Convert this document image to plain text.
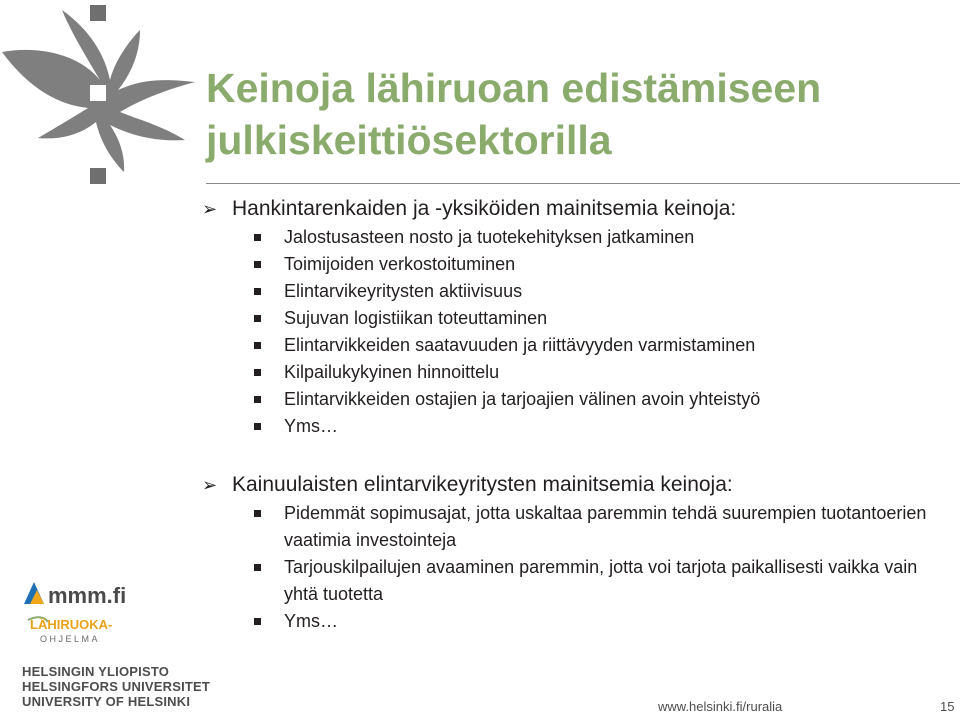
Keinoja lähiruoan edistämiseen
julkiskeittiösektorilla
➢ Hankintarenkaiden ja -yksiköiden mainitsemia keinoja:
Jalostusasteen nosto ja tuotekehityksen jatkaminen
Toimijoiden verkostoituminen
Elintarvikeyritysten aktiivisuus
Sujuvan logistiikan toteuttaminen
Elintarvikkeiden saatavuuden ja riittävyyden varmistaminen
Kilpailukykyinen hinnoittelu
Elintarvikkeiden ostajien ja tarjoajien välinen avoin yhteistyö
Yms…
➢ Kainuulaisten elintarvikeyritysten mainitsemia keinoja:
Pidemmät sopimusajat, jotta uskaltaa paremmin tehdä suurempien tuotantoerien vaatimia investointeja
Tarjouskilpailujen avaaminen paremmin, jotta voi tarjota paikallisesti vaikka vain yhtä tuotetta
Yms…
mmm.fi
LÄHIRUOKA-
OHJELMA
HELSINGIN YLIOPISTO
HELSINGFORS UNIVERSITET
UNIVERSITY OF HELSINKI	www.helsinki.fi/ruralia	15
